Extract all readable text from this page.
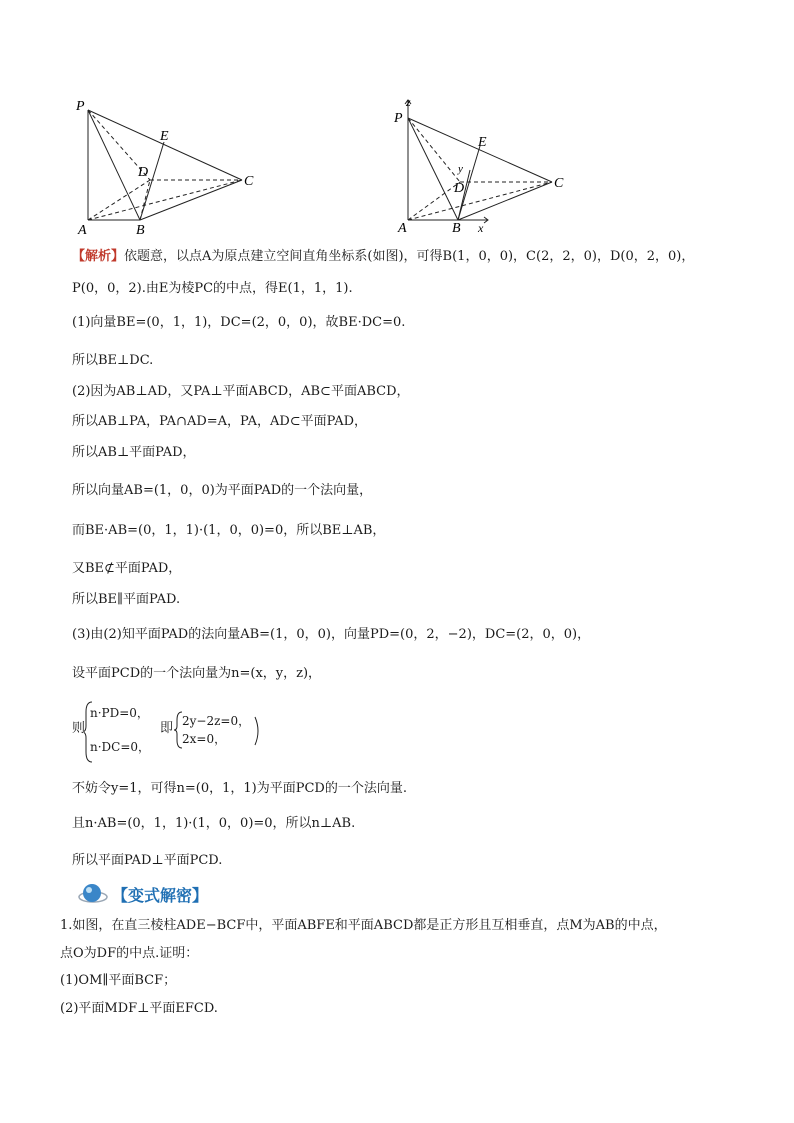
P
E
D
C
A	B
z
P
E
y
D	C
A	B x
【解析】依题意，以点A为原点建立空间直角坐标系(如图)，可得B(1，0，0)，C(2，2，0)，D(0，2，0)，
P(0，0，2).由E为棱PC的中点，得E(1，1，1).
(1)向量BE=(0，1，1)，DC=(2，0，0)，故BE·DC=0.
所以BE⊥DC.
(2)因为AB⊥AD，又PA⊥平面ABCD，AB⊂平面ABCD，
所以AB⊥PA，PA∩AD=A，PA，AD⊂平面PAD，
所以AB⊥平面PAD，
所以向量AB=(1，0，0)为平面PAD的一个法向量，
而BE·AB=(0，1，1)·(1，0，0)=0，所以BE⊥AB，
又BE⊄平面PAD，
所以BE∥平面PAD.
(3)由(2)知平面PAD的法向量AB=(1，0，0)，向量PD=(0，2，−2)，DC=(2，0，0)，
设平面PCD的一个法向量为n=(x，y，z)，
则
n·PD=0，
n·DC=0，
即 2y−2z=0，
2x=0，
不妨令y=1，可得n=(0，1，1)为平面PCD的一个法向量.
且n·AB=(0，1，1)·(1，0，0)=0，所以n⊥AB.
所以平面PAD⊥平面PCD.
【变式解密】
1.如图，在直三棱柱ADE−BCF中，平面ABFE和平面ABCD都是正方形且互相垂直，点M为AB的中点，
点O为DF的中点.证明：
(1)OM∥平面BCF；
(2)平面MDF⊥平面EFCD.
